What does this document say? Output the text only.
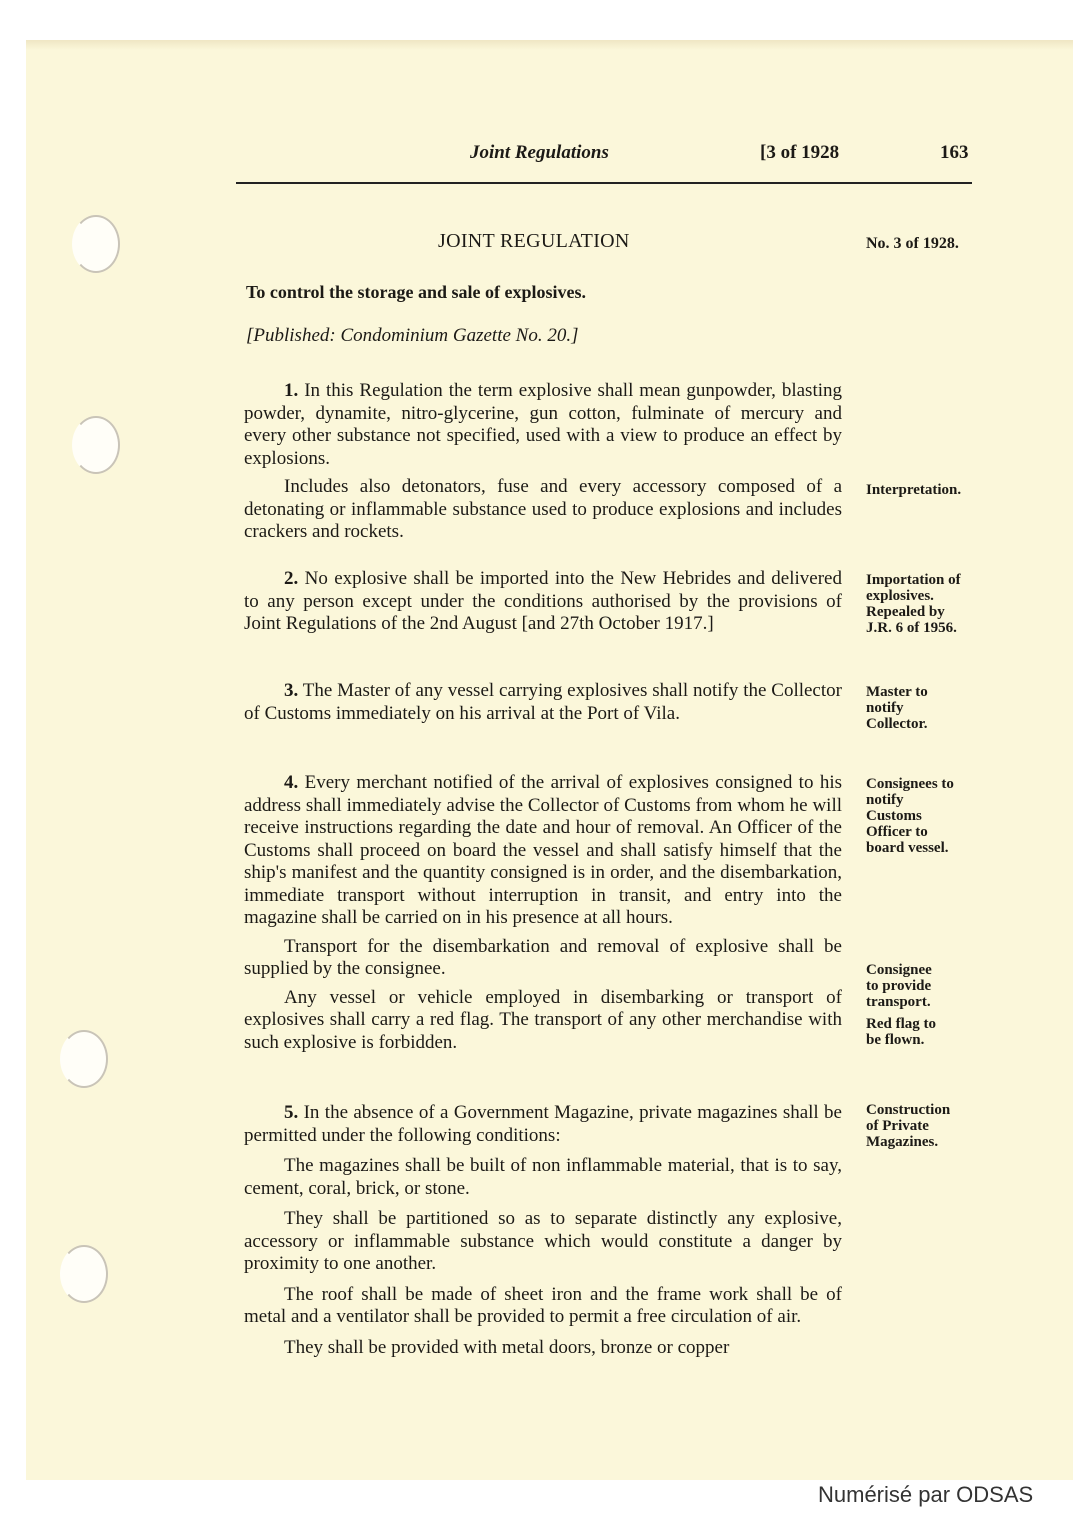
Joint Regulations	[3 of 1928	163
JOINT REGULATION	No. 3 of 1928.
To control the storage and sale of explosives.
[Published: Condominium Gazette No. 20.]

1. In this Regulation the term explosive shall mean gunpowder, blasting powder, dynamite, nitro-glycerine, gun cotton, fulminate of mercury and every other substance not specified, used with a view to produce an effect by explosions.

Includes also detonators, fuse and every accessory composed of a detonating or inflammable substance used to produce explosions and includes crackers and rockets.

2. No explosive shall be imported into the New Hebrides and delivered to any person except under the conditions authorised by the provisions of Joint Regulations of the 2nd August [and 27th October 1917.]

3. The Master of any vessel carrying explosives shall notify the Collector of Customs immediately on his arrival at the Port of Vila.

4. Every merchant notified of the arrival of explosives consigned to his address shall immediately advise the Collector of Customs from whom he will receive instructions regarding the date and hour of removal. An Officer of the Customs shall proceed on board the vessel and shall satisfy himself that the ship's manifest and the quantity consigned is in order, and the disembarkation, immediate transport without interruption in transit, and entry into the magazine shall be carried on in his presence at all hours.

Transport for the disembarkation and removal of explosive shall be supplied by the consignee.

Any vessel or vehicle employed in disembarking or transport of explosives shall carry a red flag. The transport of any other merchandise with such explosive is forbidden.

5. In the absence of a Government Magazine, private magazines shall be permitted under the following conditions:

The magazines shall be built of non inflammable material, that is to say, cement, coral, brick, or stone.

They shall be partitioned so as to separate distinctly any explosive, accessory or inflammable substance which would constitute a danger by proximity to one another.

The roof shall be made of sheet iron and the frame work shall be of metal and a ventilator shall be provided to permit a free circulation of air.

They shall be provided with metal doors, bronze or copper

Interpretation.
Importation of explosives. Repealed by J.R. 6 of 1956.
Master to notify Collector.
Consignees to notify Customs Officer to board vessel.
Consignee to provide transport.
Red flag to be flown.
Construction of Private Magazines.
Numérisé par ODSAS
